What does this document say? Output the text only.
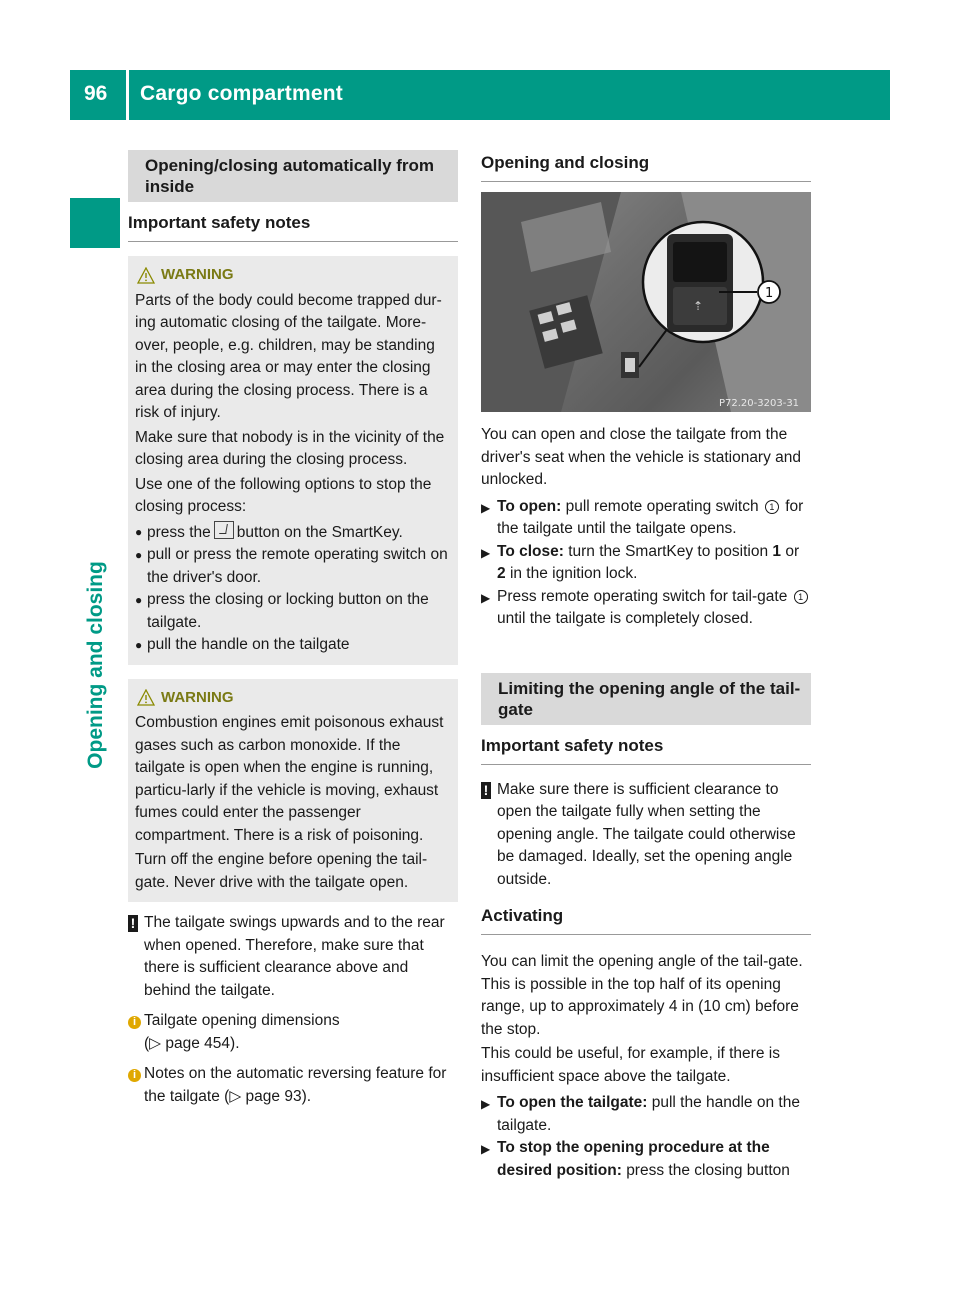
96 Cargo compartment
Opening and closing
Opening/closing automatically from inside
Important safety notes
WARNING

Parts of the body could become trapped dur-ing automatic closing of the tailgate. More-over, people, e.g. children, may be standing in the closing area or may enter the closing area during the closing process. There is a risk of injury.

Make sure that nobody is in the vicinity of the closing area during the closing process.

Use one of the following options to stop the closing process:

● press the button on the SmartKey.
● pull or press the remote operating switch on the driver's door.
● press the closing or locking button on the tailgate.
● pull the handle on the tailgate
WARNING

Combustion engines emit poisonous exhaust gases such as carbon monoxide. If the tailgate is open when the engine is running, particu-larly if the vehicle is moving, exhaust fumes could enter the passenger compartment. There is a risk of poisoning.

Turn off the engine before opening the tail-gate. Never drive with the tailgate open.

! The tailgate swings upwards and to the rear when opened. Therefore, make sure that there is sufficient clearance above and behind the tailgate.
i Tailgate opening dimensions
(▷ page 454).
i Notes on the automatic reversing feature for the tailgate (▷ page 93).
Opening and closing
⇡
1
P72.20-3203-31

You can open and close the tailgate from the driver's seat when the vehicle is stationary and unlocked.

▶ To open: pull remote operating switch 1 for the tailgate until the tailgate opens.
▶ To close: turn the SmartKey to position 1 or 2 in the ignition lock.
▶ Press remote operating switch for tail-gate 1 until the tailgate is completely closed.
Limiting the opening angle of the tail-gate
Important safety notes
! Make sure there is sufficient clearance to open the tailgate fully when setting the opening angle. The tailgate could otherwise be damaged. Ideally, set the opening angle outside.
Activating

You can limit the opening angle of the tail-gate. This is possible in the top half of its opening range, up to approximately 4 in (10 cm) before the stop.

This could be useful, for example, if there is insufficient space above the tailgate.

▶ To open the tailgate: pull the handle on the tailgate.
▶ To stop the opening procedure at the desired position: press the closing button
